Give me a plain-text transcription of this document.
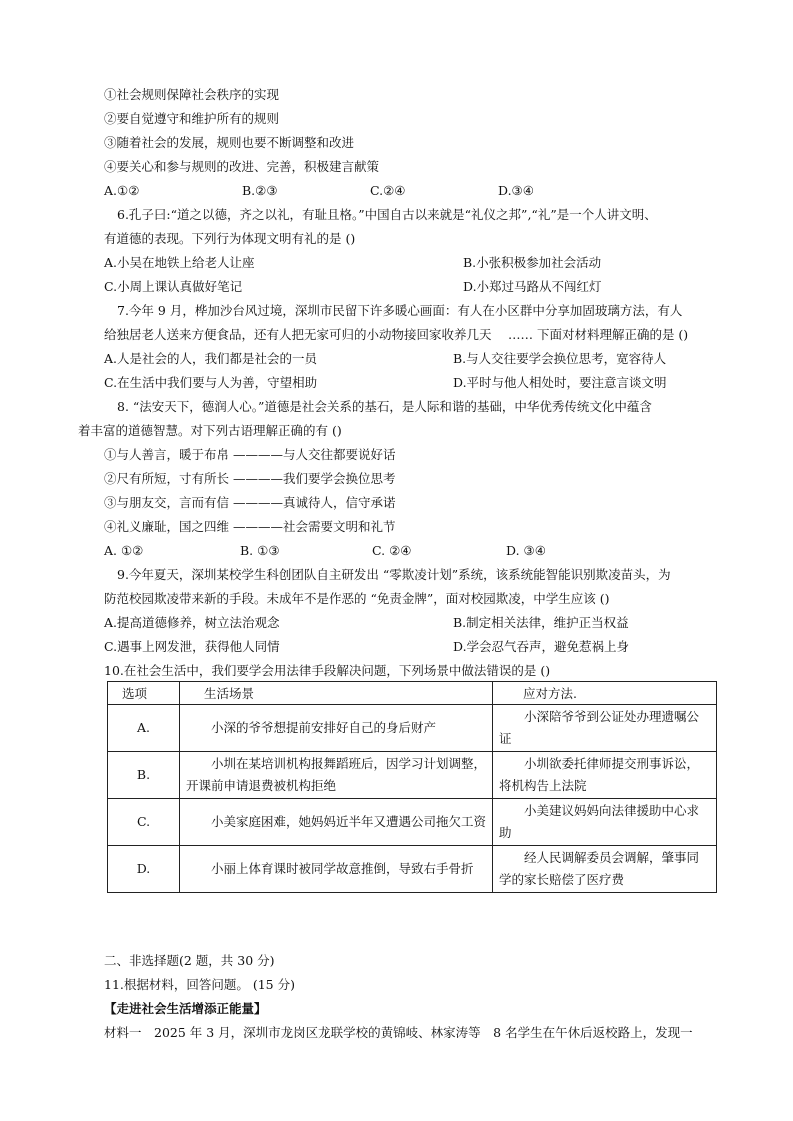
①社会规则保障社会秩序的实现
②要自觉遵守和维护所有的规则
③随着社会的发展，规则也要不断调整和改进
④要关心和参与规则的改进、完善，积极建言献策
A.①②	B.②③	C.②④	D.③④
6.孔子曰:“道之以德，齐之以礼，有耻且格。”中国自古以来就是“礼仪之邦”,“礼”是一个人讲文明、
有道德的表现。下列行为体现文明有礼的是 ()
A.小吴在地铁上给老人让座	B.小张积极参加社会活动
C.小周上课认真做好笔记	D.小郑过马路从不闯红灯
7.今年 9 月，桦加沙台风过境，深圳市民留下许多暖心画面：有人在小区群中分享加固玻璃方法，有人
给独居老人送来方便食品，还有人把无家可归的小动物接回家收养几天　 …… 下面对材料理解正确的是 ()
A.人是社会的人，我们都是社会的一员	B.与人交往要学会换位思考，宽容待人
C.在生活中我们要与人为善，守望相助	D.平时与他人相处时，要注意言谈文明
8. “法安天下，德润人心。”道德是社会关系的基石，是人际和谐的基础，中华优秀传统文化中蕴含
着丰富的道德智慧。对下列古语理解正确的有 ()
①与人善言，暖于布帛 ————与人交往都要说好话
②尺有所短，寸有所长 ————我们要学会换位思考
③与朋友交，言而有信 ————真诚待人，信守承诺
④礼义廉耻，国之四维 ————社会需要文明和礼节
A. ①②	B. ①③	C. ②④	D. ③④
9.今年夏天，深圳某校学生科创团队自主研发出 “零欺凌计划”系统，该系统能智能识别欺凌苗头，为
防范校园欺凌带来新的手段。未成年不是作恶的 “免责金牌”，面对校园欺凌，中学生应该 ()
A.提高道德修养，树立法治观念	B.制定相关法律，维护正当权益
C.遇事上网发泄，获得他人同情	D.学会忍气吞声，避免惹祸上身
10.在社会生活中，我们要学会用法律手段解决问题，下列场景中做法错误的是 ()
选项	生活场景	应对方法.
A.	小深的爷爷想提前安排好自己的身后财产	小深陪爷爷到公证处办理遗嘱公证
B.	小圳在某培训机构报舞蹈班后，因学习计划调整，开课前申请退费被机构拒绝	小圳欲委托律师提交刑事诉讼，将机构告上法院
C.	小美家庭困难，她妈妈近半年又遭遇公司拖欠工资	小美建议妈妈向法律援助中心求助
D.	小丽上体育课时被同学故意推倒，导致右手骨折	经人民调解委员会调解，肇事同学的家长赔偿了医疗费
二、非选择题(2 题，共 30 分)
11.根据材料，回答问题。 (15 分)
【走进社会生活增添正能量】
材料一　2025 年 3 月，深圳市龙岗区龙联学校的黄锦岐、林家涛等　8 名学生在午休后返校路上，发现一
